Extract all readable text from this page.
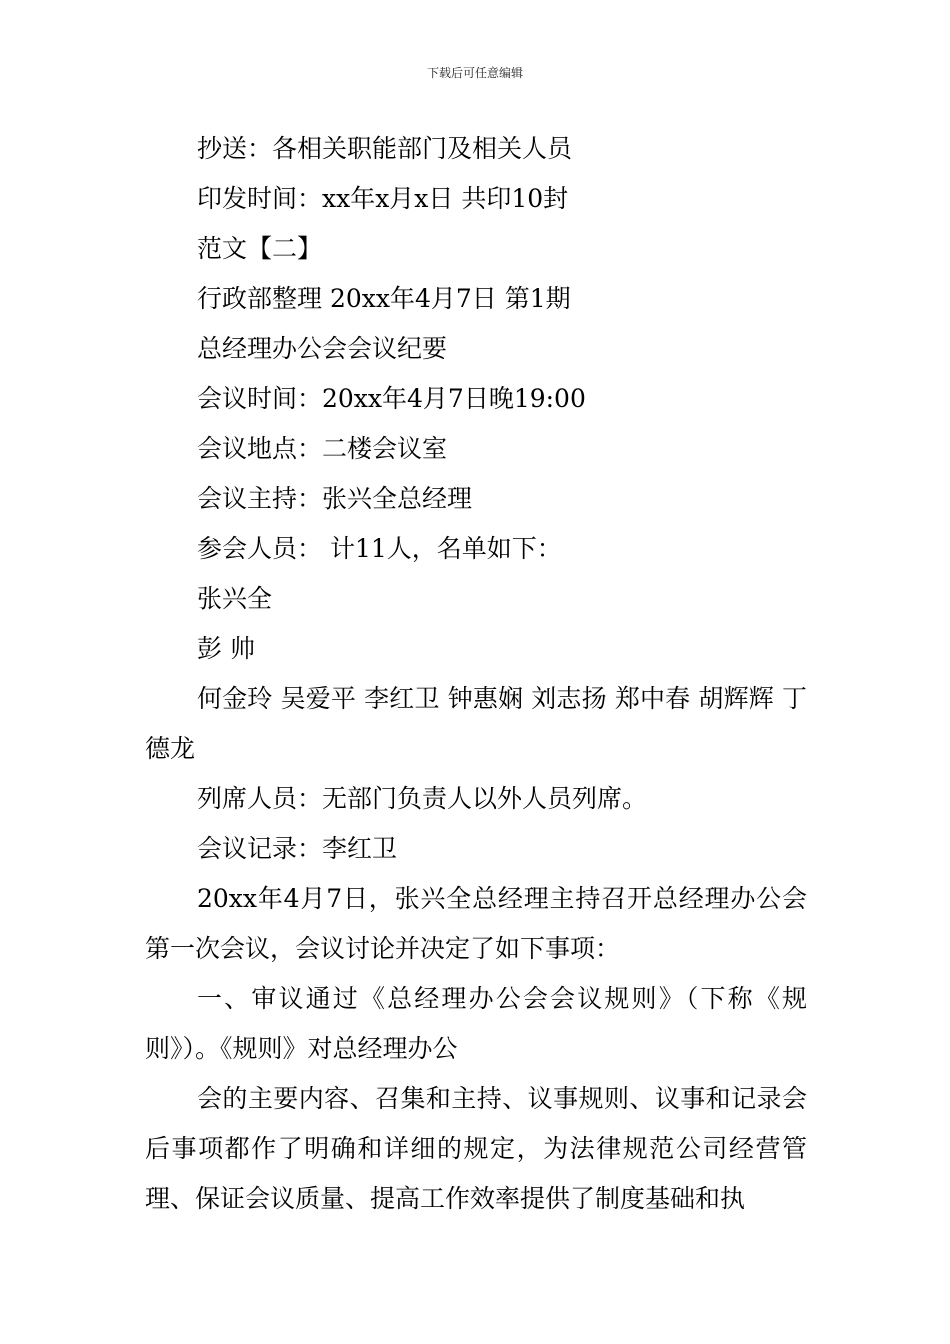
下载后可任意编辑
抄送：各相关职能部门及相关人员
印发时间：xx年x月x日 共印10封
范文【二】
行政部整理 20xx年4月7日 第1期
总经理办公会会议纪要
会议时间：20xx年4月7日晚19:00
会议地点：二楼会议室
会议主持：张兴全总经理
参会人员： 计11人，名单如下：
张兴全
彭 帅
何金玲 吴爱平 李红卫 钟惠娴 刘志扬 郑中春 胡辉辉 丁德龙
列席人员：无部门负责人以外人员列席。
会议记录：李红卫
20xx年4月7日，张兴全总经理主持召开总经理办公会第一次会议，会议讨论并决定了如下事项：
一、审议通过《总经理办公会会议规则》（下称《规则》）。《规则》对总经理办公
会的主要内容、召集和主持、议事规则、议事和记录会后事项都作了明确和详细的规定，为法律规范公司经营管理、保证会议质量、提高工作效率提供了制度基础和执
